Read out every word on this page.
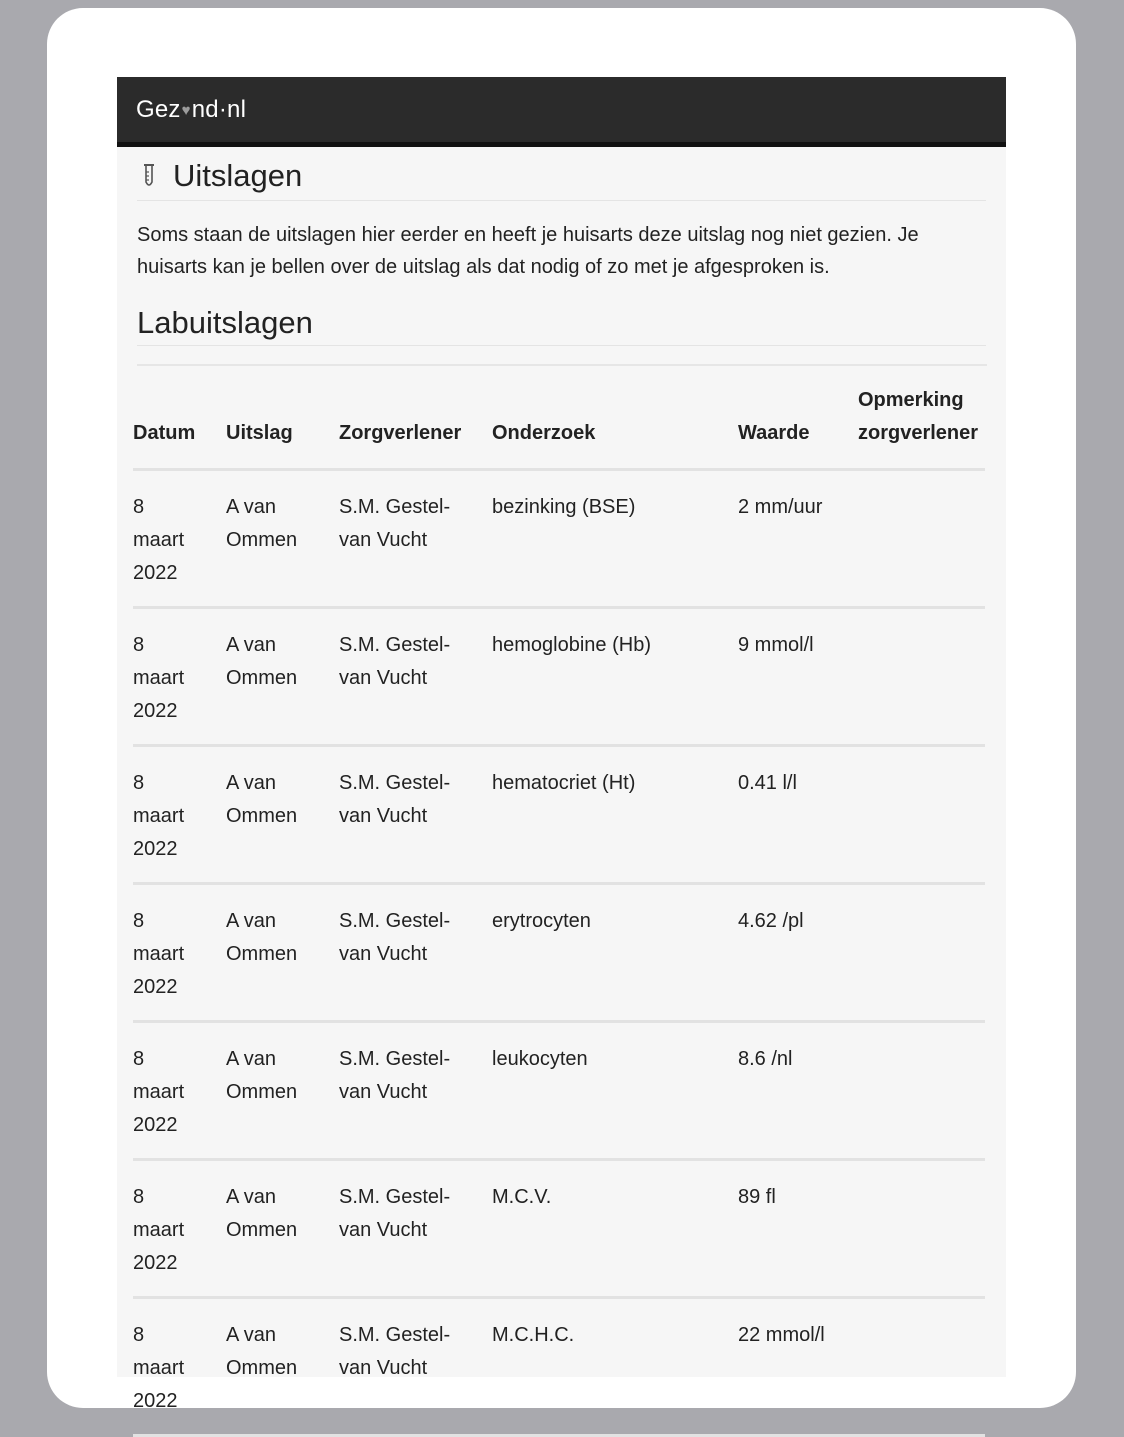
Gez ♥ nd·nl
Uitslagen

Soms staan de uitslagen hier eerder en heeft je huisarts deze uitslag nog niet gezien. Je huisarts kan je bellen over de uitslag als dat nodig of zo met je afgesproken is.

Labuitslagen
Datum	Uitslag	Zorgverlener	Onderzoek	Waarde	Opmerking zorgverlener
8 maart 2022	A van Ommen	S.M. Gestel-van Vucht	bezinking (BSE)	2 mm/uur	
8 maart 2022	A van Ommen	S.M. Gestel-van Vucht	hemoglobine (Hb)	9 mmol/l	
8 maart 2022	A van Ommen	S.M. Gestel-van Vucht	hematocriet (Ht)	0.41 l/l	
8 maart 2022	A van Ommen	S.M. Gestel-van Vucht	erytrocyten	4.62 /pl	
8 maart 2022	A van Ommen	S.M. Gestel-van Vucht	leukocyten	8.6 /nl	
8 maart 2022	A van Ommen	S.M. Gestel-van Vucht	M.C.V.	89 fl	
8 maart 2022	A van Ommen	S.M. Gestel-van Vucht	M.C.H.C.	22 mmol/l	
